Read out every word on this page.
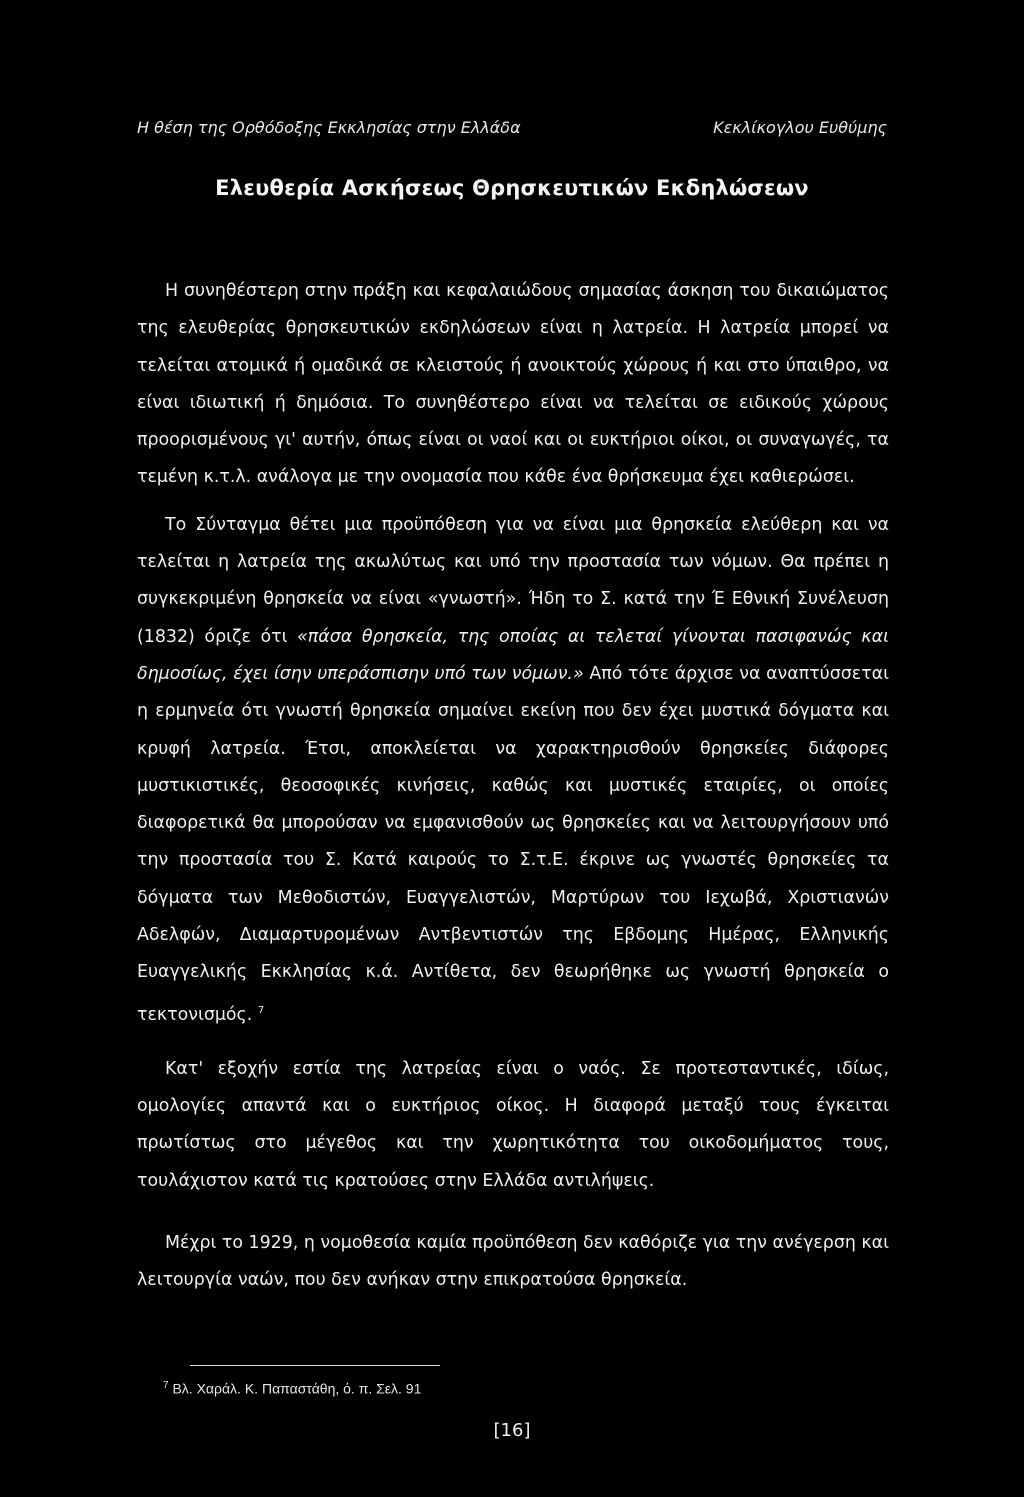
Η θέση της Ορθόδοξης Εκκλησίας στην Ελλάδα	Κεκλίκογλου Ευθύμης
Ελευθερία Ασκήσεως Θρησκευτικών Εκδηλώσεων

Η συνηθέστερη στην πράξη και κεφαλαιώδους σημασίας άσκηση του δικαιώματος της ελευθερίας θρησκευτικών εκδηλώσεων είναι η λατρεία. Η λατρεία μπορεί να τελείται ατομικά ή ομαδικά σε κλειστούς ή ανοικτούς χώρους ή και στο ύπαιθρο, να είναι ιδιωτική ή δημόσια. Το συνηθέστερο είναι να τελείται σε ειδικούς χώρους προορισμένους γι' αυτήν, όπως είναι οι ναοί και οι ευκτήριοι οίκοι, οι συναγωγές, τα τεμένη κ.τ.λ. ανάλογα με την ονομασία που κάθε ένα θρήσκευμα έχει καθιερώσει.

Το Σύνταγμα θέτει μια προϋπόθεση για να είναι μια θρησκεία ελεύθερη και να τελείται η λατρεία της ακωλύτως και υπό την προστασία των νόμων. Θα πρέπει η συγκεκριμένη θρησκεία να είναι «γνωστή». Ήδη το Σ. κατά την Έ Εθνική Συνέλευση (1832) όριζε ότι «πάσα θρησκεία, της οποίας αι τελεταί γίνονται πασιφανώς και δημοσίως, έχει ίσην υπεράσπισην υπό των νόμων.» Από τότε άρχισε να αναπτύσσεται η ερμηνεία ότι γνωστή θρησκεία σημαίνει εκείνη που δεν έχει μυστικά δόγματα και κρυφή λατρεία. Έτσι, αποκλείεται να χαρακτηρισθούν θρησκείες διάφορες μυστικιστικές, θεοσοφικές κινήσεις, καθώς και μυστικές εταιρίες, οι οποίες διαφορετικά θα μπορούσαν να εμφανισθούν ως θρησκείες και να λειτουργήσουν υπό την προστασία του Σ. Κατά καιρούς το Σ.τ.Ε. έκρινε ως γνωστές θρησκείες τα δόγματα των Μεθοδιστών, Ευαγγελιστών, Μαρτύρων του Ιεχωβά, Χριστιανών Αδελφών, Διαμαρτυρομένων Αντβεντιστών της Εβδομης Ημέρας, Ελληνικής Ευαγγελικής Εκκλησίας κ.ά. Αντίθετα, δεν θεωρήθηκε ως γνωστή θρησκεία ο τεκτονισμός. $^7$

Κατ' εξοχήν εστία της λατρείας είναι ο ναός. Σε προτεσταντικές, ιδίως, ομολογίες απαντά και ο ευκτήριος οίκος. Η διαφορά μεταξύ τους έγκειται πρωτίστως στο μέγεθος και την χωρητικότητα του οικοδομήματος τους, τουλάχιστον κατά τις κρατούσες στην Ελλάδα αντιλήψεις.

Μέχρι το 1929, η νομοθεσία καμία προϋπόθεση δεν καθόριζε για την ανέγερση και λειτουργία ναών, που δεν ανήκαν στην επικρατούσα θρησκεία.

$^7$ Βλ. Χαράλ. Κ. Παπαστάθη, ό. π. Σελ. 91
[16]
